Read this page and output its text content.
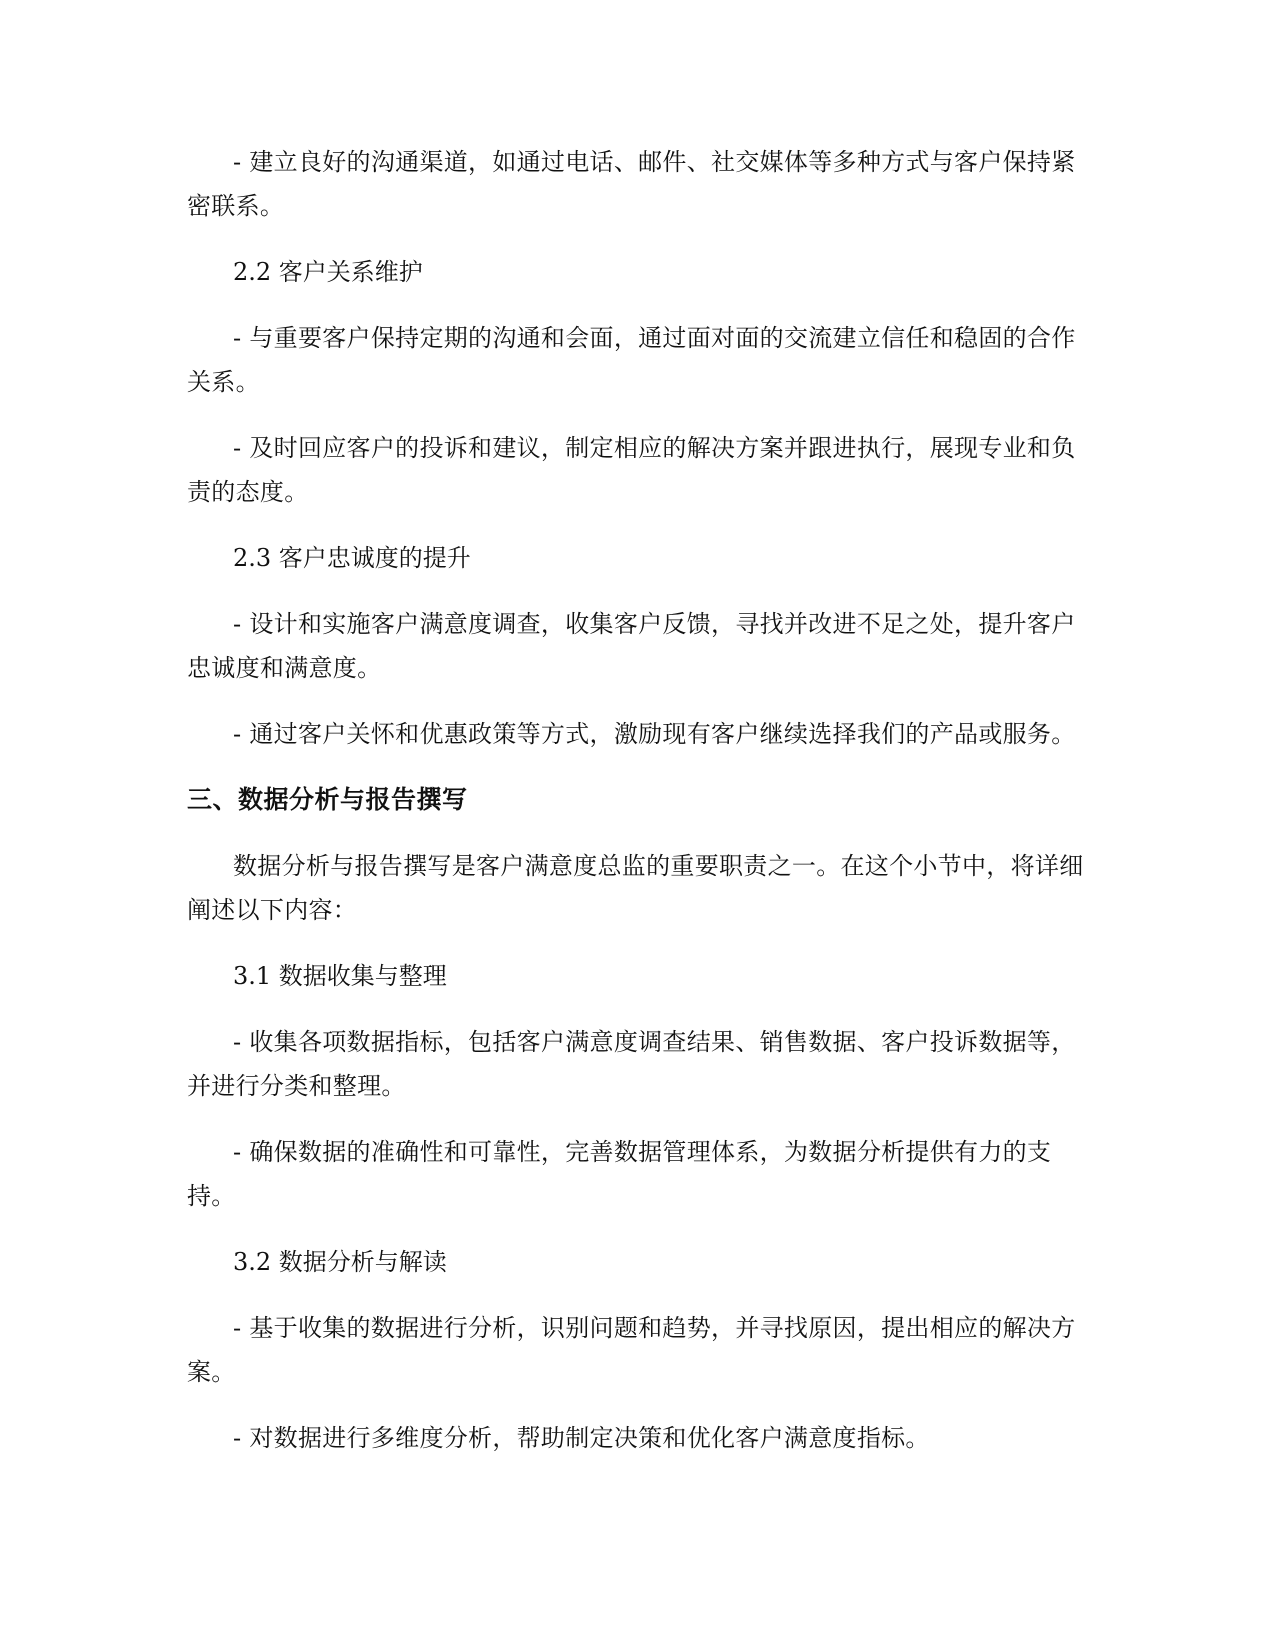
- 建立良好的沟通渠道，如通过电话、邮件、社交媒体等多种方式与客户保持紧密联系。

2.2 客户关系维护

- 与重要客户保持定期的沟通和会面，通过面对面的交流建立信任和稳固的合作关系。

- 及时回应客户的投诉和建议，制定相应的解决方案并跟进执行，展现专业和负责的态度。

2.3 客户忠诚度的提升

- 设计和实施客户满意度调查，收集客户反馈，寻找并改进不足之处，提升客户忠诚度和满意度。

- 通过客户关怀和优惠政策等方式，激励现有客户继续选择我们的产品或服务。

三、数据分析与报告撰写

数据分析与报告撰写是客户满意度总监的重要职责之一。在这个小节中，将详细阐述以下内容：

3.1 数据收集与整理

- 收集各项数据指标，包括客户满意度调查结果、销售数据、客户投诉数据等，并进行分类和整理。

- 确保数据的准确性和可靠性，完善数据管理体系，为数据分析提供有力的支持。

3.2 数据分析与解读

- 基于收集的数据进行分析，识别问题和趋势，并寻找原因，提出相应的解决方案。

- 对数据进行多维度分析，帮助制定决策和优化客户满意度指标。
